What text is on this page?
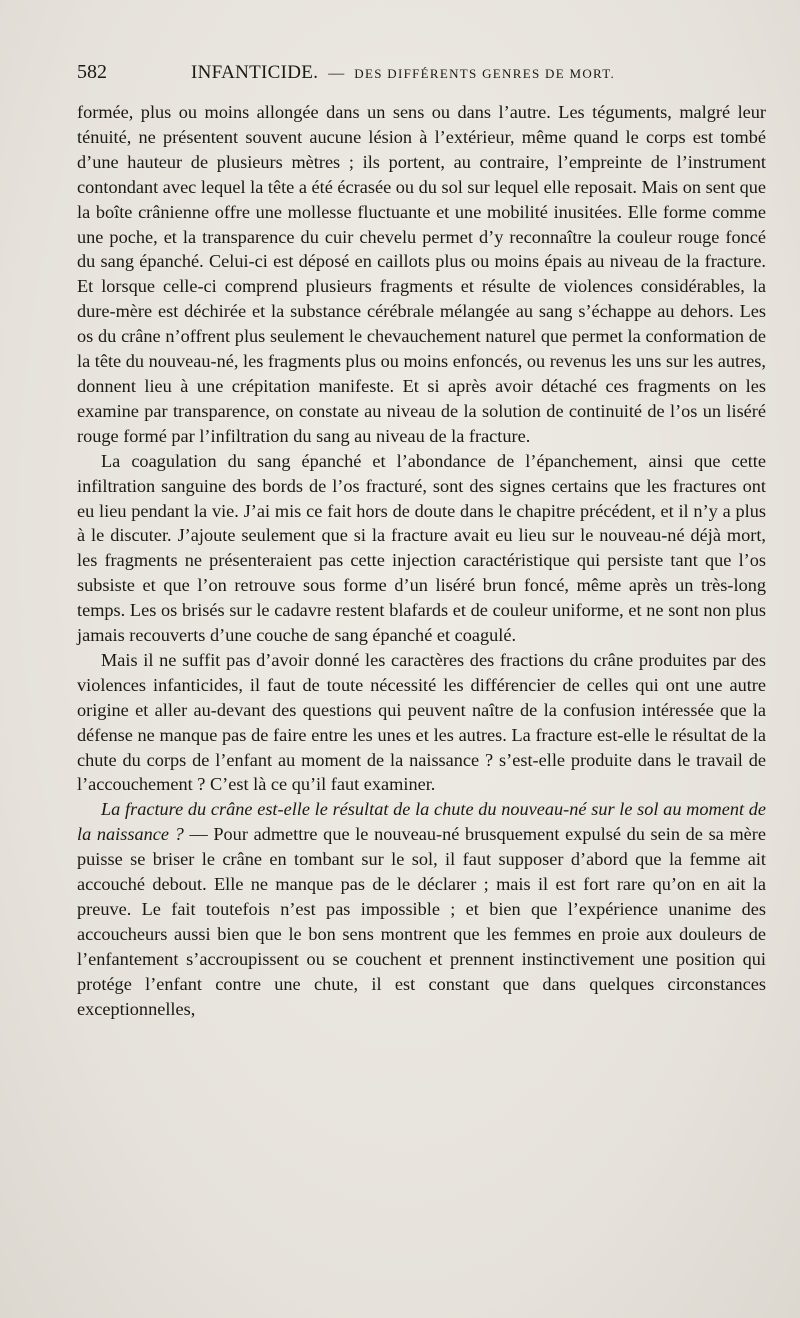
582	INFANTICIDE. — DES DIFFÉRENTS GENRES DE MORT.

formée, plus ou moins allongée dans un sens ou dans l’autre. Les téguments, malgré leur ténuité, ne présentent souvent aucune lésion à l’extérieur, même quand le corps est tombé d’une hauteur de plusieurs mètres ; ils portent, au contraire, l’empreinte de l’instrument contondant avec lequel la tête a été écrasée ou du sol sur lequel elle reposait. Mais on sent que la boîte crânienne offre une mollesse fluctuante et une mobilité inusitées. Elle forme comme une poche, et la transparence du cuir chevelu permet d’y reconnaître la couleur rouge foncé du sang épanché. Celui-ci est déposé en caillots plus ou moins épais au niveau de la fracture. Et lorsque celle-ci comprend plusieurs fragments et résulte de violences considérables, la dure-mère est déchirée et la substance cérébrale mélangée au sang s’échappe au dehors. Les os du crâne n’offrent plus seulement le chevauchement naturel que permet la conformation de la tête du nouveau-né, les fragments plus ou moins enfoncés, ou revenus les uns sur les autres, donnent lieu à une crépitation manifeste. Et si après avoir détaché ces fragments on les examine par transparence, on constate au niveau de la solution de continuité de l’os un liséré rouge formé par l’infiltration du sang au niveau de la fracture.

La coagulation du sang épanché et l’abondance de l’épanchement, ainsi que cette infiltration sanguine des bords de l’os fracturé, sont des signes certains que les fractures ont eu lieu pendant la vie. J’ai mis ce fait hors de doute dans le chapitre précédent, et il n’y a plus à le discuter. J’ajoute seulement que si la fracture avait eu lieu sur le nouveau-né déjà mort, les fragments ne présenteraient pas cette injection caractéristique qui persiste tant que l’os subsiste et que l’on retrouve sous forme d’un liséré brun foncé, même après un très-long temps. Les os brisés sur le cadavre restent blafards et de couleur uniforme, et ne sont non plus jamais recouverts d’une couche de sang épanché et coagulé.

Mais il ne suffit pas d’avoir donné les caractères des fractions du crâne produites par des violences infanticides, il faut de toute nécessité les différencier de celles qui ont une autre origine et aller au-devant des questions qui peuvent naître de la confusion intéressée que la défense ne manque pas de faire entre les unes et les autres. La fracture est-elle le résultat de la chute du corps de l’enfant au moment de la naissance ? s’est-elle produite dans le travail de l’accouchement ? C’est là ce qu’il faut examiner.

La fracture du crâne est-elle le résultat de la chute du nouveau-né sur le sol au moment de la naissance ? — Pour admettre que le nouveau-né brusquement expulsé du sein de sa mère puisse se briser le crâne en tombant sur le sol, il faut supposer d’abord que la femme ait accouché debout. Elle ne manque pas de le déclarer ; mais il est fort rare qu’on en ait la preuve. Le fait toutefois n’est pas impossible ; et bien que l’expérience unanime des accoucheurs aussi bien que le bon sens montrent que les femmes en proie aux douleurs de l’enfantement s’accroupissent ou se couchent et prennent instinctivement une position qui protége l’enfant contre une chute, il est constant que dans quelques circonstances exceptionnelles,
